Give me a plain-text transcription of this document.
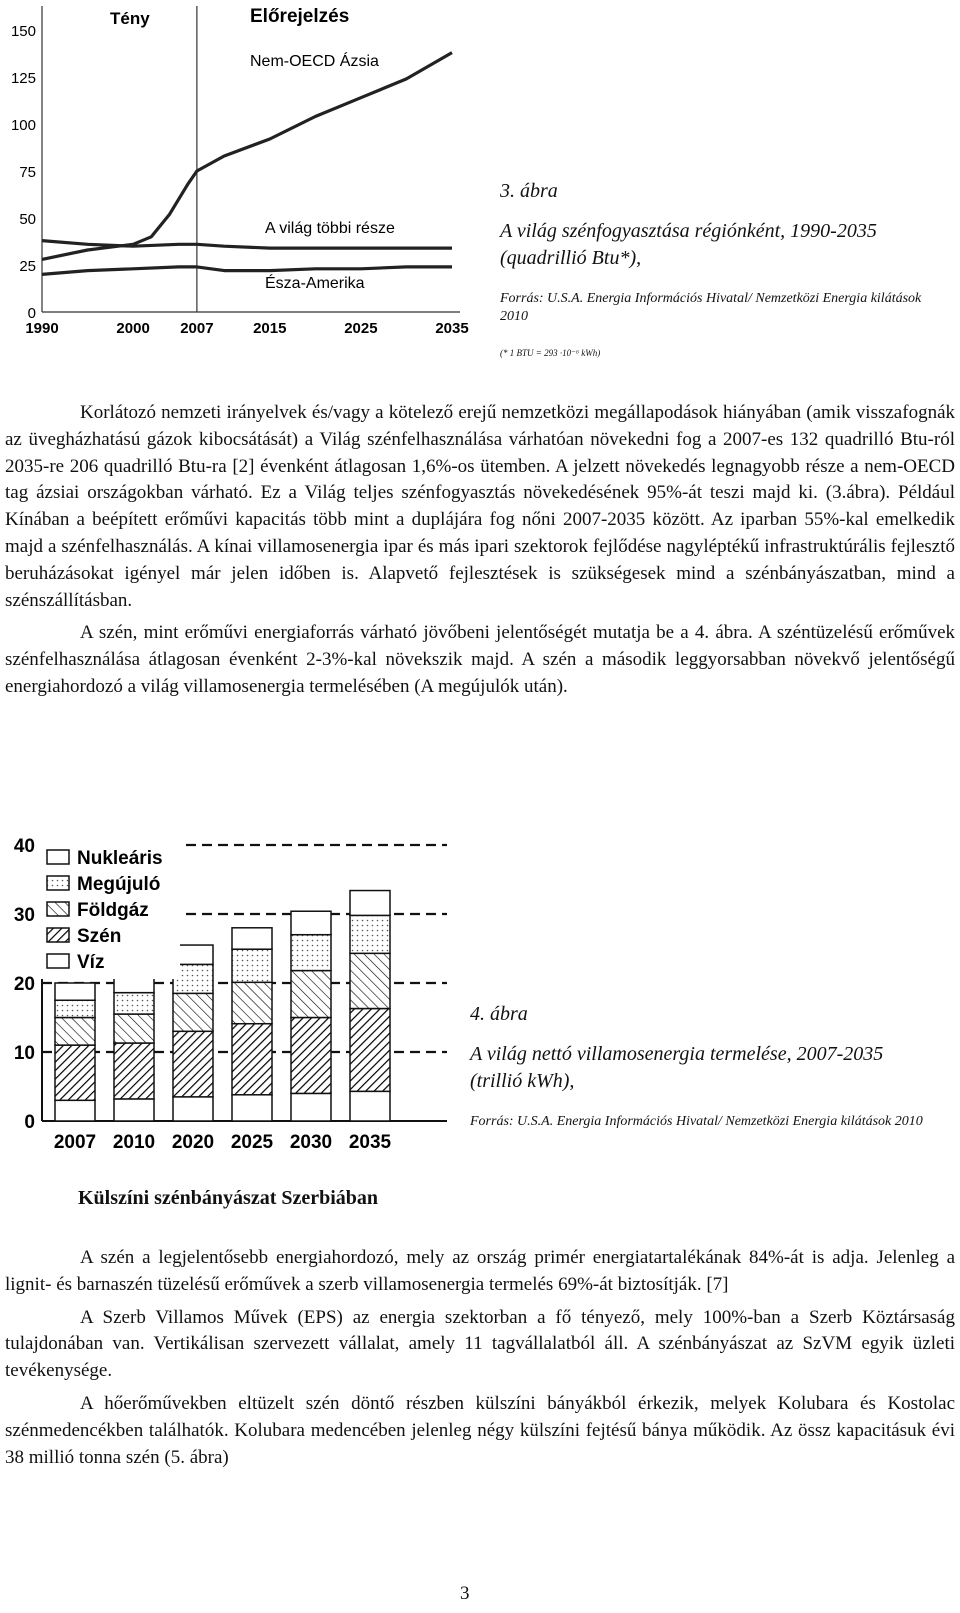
Tény	Előrejelzés
Nem-OECD Ázsia
A világ többi része
Észa-Amerika
0
25
50
75
100
125
150
1990	2000 2007	2015	2025	2035
3. ábra
A világ szénfogyasztása régiónként, 1990-2035 (quadrillió Btu*),
Forrás: U.S.A. Energia Információs Hivatal/ Nemzetközi Energia kilátások 2010
(* 1 BTU = 293 ·10⁻⁶ kWh)

Korlátozó nemzeti irányelvek és/vagy a kötelező erejű nemzetközi megállapodások hiányában (amik visszafognák az üvegházhatású gázok kibocsátását) a Világ szénfelhasználása várhatóan növekedni fog a 2007-es 132 quadrilló Btu-ról 2035-re 206 quadrilló Btu-ra [2] évenként átlagosan 1,6%-os ütemben. A jelzett növekedés legnagyobb része a nem-OECD tag ázsiai országokban várható. Ez a Világ teljes szénfogyasztás növekedésének 95%-át teszi majd ki. (3.ábra). Például Kínában a beépített erőművi kapacitás több mint a duplájára fog nőni 2007-2035 között. Az iparban 55%-kal emelkedik majd a szénfelhasználás. A kínai villamosenergia ipar és más ipari szektorok fejlődése nagyléptékű infrastruktúrális fejlesztő beruházásokat igényel már jelen időben is. Alapvető fejlesztések is szükségesek mind a szénbányászatban, mind a szénszállításban.

A szén, mint erőművi energiaforrás várható jövőbeni jelentőségét mutatja be a 4. ábra. A széntüzelésű erőművek szénfelhasználása átlagosan évenként 2-3%-kal növekszik majd. A szén a második leggyorsabban növekvő jelentőségű energiahordozó a világ villamosenergia termelésében (A megújulók után).

0
10
20
30
40
2007 2010 2020 2025 2030 2035
Nukleáris
Megújuló
Földgáz
Szén
Víz
4. ábra
A világ nettó villamosenergia termelése, 2007-2035 (trillió kWh),
Forrás: U.S.A. Energia Információs Hivatal/ Nemzetközi Energia kilátások 2010
Külszíni szénbányászat Szerbiában

A szén a legjelentősebb energiahordozó, mely az ország primér energiatartalékának 84%-át is adja. Jelenleg a lignit- és barnaszén tüzelésű erőművek a szerb villamosenergia termelés 69%-át biztosítják. [7]

A Szerb Villamos Művek (EPS) az energia szektorban a fő tényező, mely 100%-ban a Szerb Köztársaság tulajdonában van. Vertikálisan szervezett vállalat, amely 11 tagvállalatból áll. A szénbányászat az SzVM egyik üzleti tevékenysége.

A hőerőművekben eltüzelt szén döntő részben külszíni bányákból érkezik, melyek Kolubara és Kostolac szénmedencékben találhatók. Kolubara medencében jelenleg négy külszíni fejtésű bánya működik. Az össz kapacitásuk évi 38 millió tonna szén (5. ábra)

3
